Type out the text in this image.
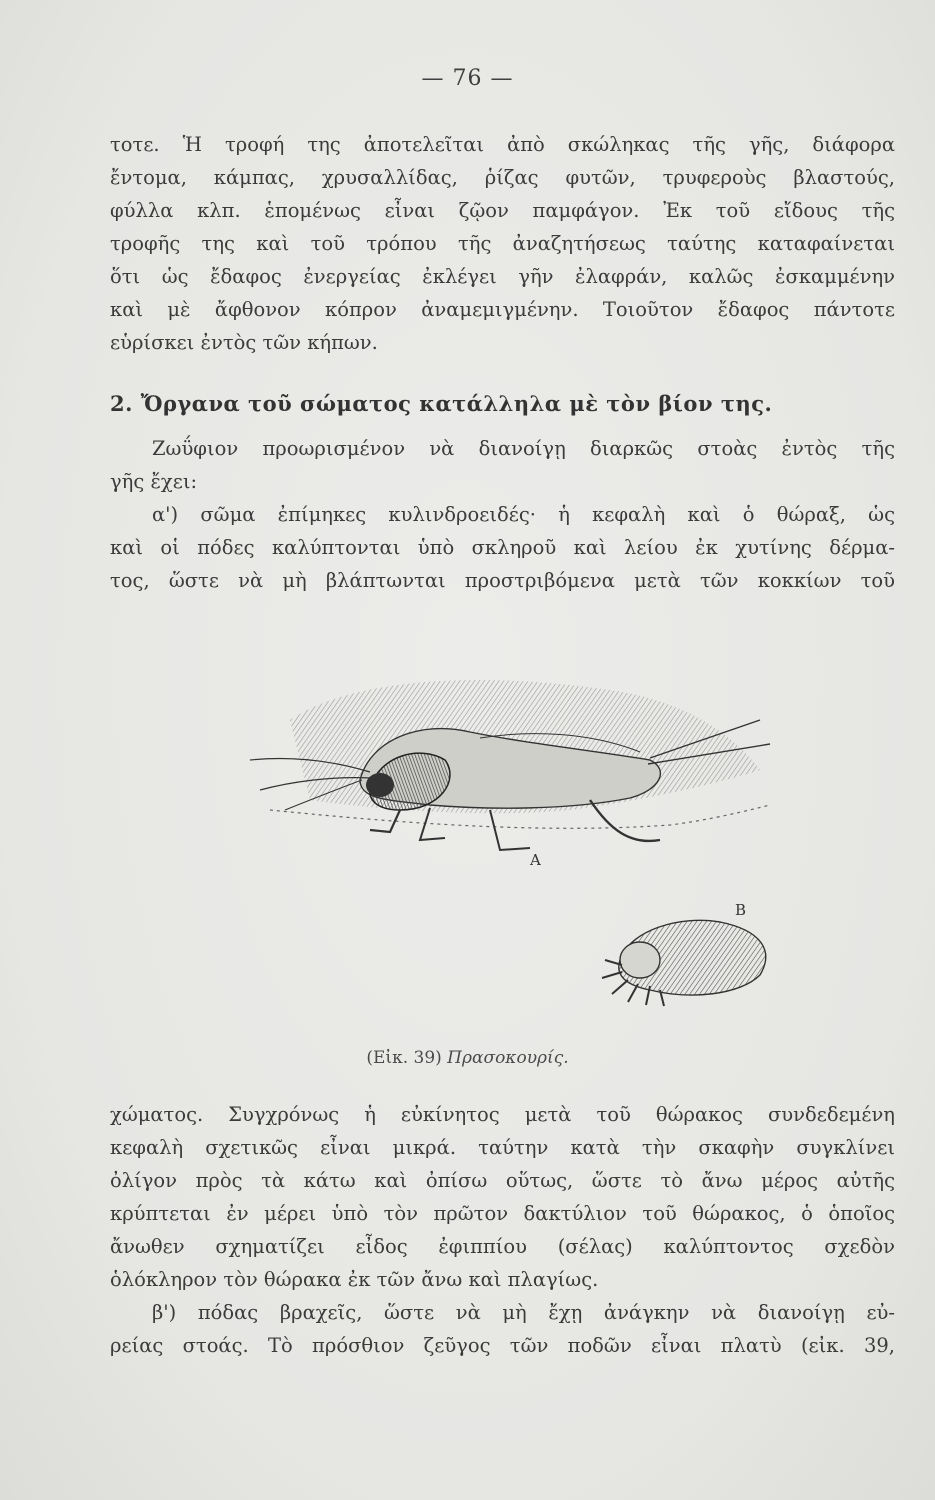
— 76 —
τοτε. Ἡ τροφή της ἀποτελεῖται ἀπὸ σκώληκας τῆς γῆς, διάφορα
ἔντομα, κάμπας, χρυσαλλίδας, ῥίζας φυτῶν, τρυφεροὺς βλαστούς,
φύλλα κλπ. ἑπομένως εἶναι ζῷον παμφάγον. Ἐκ τοῦ εἴδους τῆς
τροφῆς της καὶ τοῦ τρόπου τῆς ἀναζητήσεως ταύτης καταφαίνεται
ὅτι ὡς ἔδαφος ἐνεργείας ἐκλέγει γῆν ἐλαφράν, καλῶς ἐσκαμμένην
καὶ μὲ ἄφθονον κόπρον ἀναμεμιγμένην. Τοιοῦτον ἔδαφος πάντοτε
εὑρίσκει ἐντὸς τῶν κήπων.
2. Ὄργανα τοῦ σώματος κατάλληλα μὲ τὸν βίον της.
Ζωΰφιον προωρισμένον νὰ διανοίγῃ διαρκῶς στοὰς ἐντὸς τῆς
γῆς ἔχει:
α') σῶμα ἐπίμηκες κυλινδροειδές· ἡ κεφαλὴ καὶ ὁ θώραξ, ὡς
καὶ οἱ πόδες καλύπτονται ὑπὸ σκληροῦ καὶ λείου ἐκ χυτίνης δέρμα-
τος, ὥστε νὰ μὴ βλάπτωνται προστριβόμενα μετὰ τῶν κοκκίων τοῦ
A
B
(Εἰκ. 39) Πρασοκουρίς.
χώματος. Συγχρόνως ἡ εὐκίνητος μετὰ τοῦ θώρακος συνδεδεμένη
κεφαλὴ σχετικῶς εἶναι μικρά. ταύτην κατὰ τὴν σκαφὴν συγκλίνει
ὀλίγον πρὸς τὰ κάτω καὶ ὀπίσω οὕτως, ὥστε τὸ ἄνω μέρος αὐτῆς
κρύπτεται ἐν μέρει ὑπὸ τὸν πρῶτον δακτύλιον τοῦ θώρακος, ὁ ὁποῖος
ἄνωθεν σχηματίζει εἶδος ἐφιππίου (σέλας) καλύπτοντος σχεδὸν
ὁλόκληρον τὸν θώρακα ἐκ τῶν ἄνω καὶ πλαγίως.
β') πόδας βραχεῖς, ὥστε νὰ μὴ ἔχῃ ἀνάγκην νὰ διανοίγῃ εὐ-
ρείας στοάς. Τὸ πρόσθιον ζεῦγος τῶν ποδῶν εἶναι πλατὺ (εἰκ. 39,
